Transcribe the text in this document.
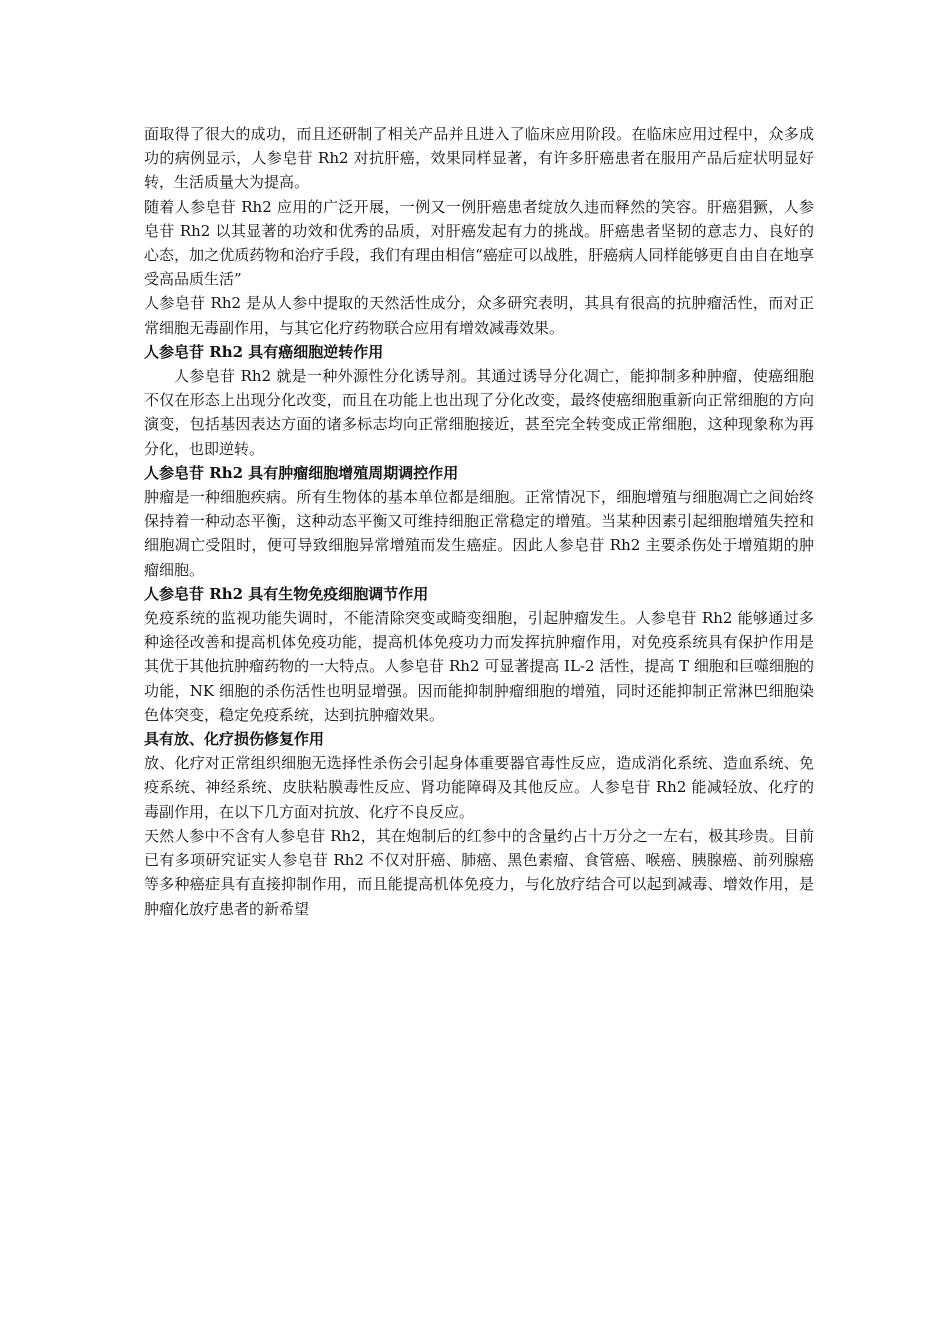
面取得了很大的成功，而且还研制了相关产品并且进入了临床应用阶段。在临床应用过程中，众多成功的病例显示，人参皂苷 Rh2 对抗肝癌，效果同样显著，有许多肝癌患者在服用产品后症状明显好转，生活质量大为提高。

随着人参皂苷 Rh2 应用的广泛开展，一例又一例肝癌患者绽放久违而释然的笑容。肝癌猖獗，人参皂苷 Rh2 以其显著的功效和优秀的品质，对肝癌发起有力的挑战。肝癌患者坚韧的意志力、良好的心态，加之优质药物和治疗手段，我们有理由相信“癌症可以战胜，肝癌病人同样能够更自由自在地享受高品质生活”

人参皂苷 Rh2 是从人参中提取的天然活性成分，众多研究表明，其具有很高的抗肿瘤活性，而对正常细胞无毒副作用，与其它化疗药物联合应用有增效减毒效果。

人参皂苷 Rh2 具有癌细胞逆转作用

人参皂苷 Rh2 就是一种外源性分化诱导剂。其通过诱导分化凋亡，能抑制多种肿瘤，使癌细胞不仅在形态上出现分化改变，而且在功能上也出现了分化改变，最终使癌细胞重新向正常细胞的方向演变，包括基因表达方面的诸多标志均向正常细胞接近，甚至完全转变成正常细胞，这种现象称为再分化，也即逆转。

人参皂苷 Rh2 具有肿瘤细胞增殖周期调控作用

肿瘤是一种细胞疾病。所有生物体的基本单位都是细胞。正常情况下，细胞增殖与细胞凋亡之间始终保持着一种动态平衡，这种动态平衡又可维持细胞正常稳定的增殖。当某种因素引起细胞增殖失控和细胞凋亡受阻时，便可导致细胞异常增殖而发生癌症。因此人参皂苷 Rh2 主要杀伤处于增殖期的肿瘤细胞。

人参皂苷 Rh2 具有生物免疫细胞调节作用

免疫系统的监视功能失调时，不能清除突变或畸变细胞，引起肿瘤发生。人参皂苷 Rh2 能够通过多种途径改善和提高机体免疫功能，提高机体免疫功力而发挥抗肿瘤作用，对免疫系统具有保护作用是其优于其他抗肿瘤药物的一大特点。人参皂苷 Rh2 可显著提高 IL-2 活性，提高 T 细胞和巨噬细胞的功能，NK 细胞的杀伤活性也明显增强。因而能抑制肿瘤细胞的增殖，同时还能抑制正常淋巴细胞染色体突变，稳定免疫系统，达到抗肿瘤效果。

具有放、化疗损伤修复作用

放、化疗对正常组织细胞无选择性杀伤会引起身体重要器官毒性反应，造成消化系统、造血系统、免疫系统、神经系统、皮肤粘膜毒性反应、肾功能障碍及其他反应。人参皂苷 Rh2 能减轻放、化疗的毒副作用，在以下几方面对抗放、化疗不良反应。

天然人参中不含有人参皂苷 Rh2，其在炮制后的红参中的含量约占十万分之一左右，极其珍贵。目前已有多项研究证实人参皂苷 Rh2 不仅对肝癌、肺癌、黑色素瘤、食管癌、喉癌、胰腺癌、前列腺癌等多种癌症具有直接抑制作用，而且能提高机体免疫力，与化放疗结合可以起到减毒、增效作用，是肿瘤化放疗患者的新希望
